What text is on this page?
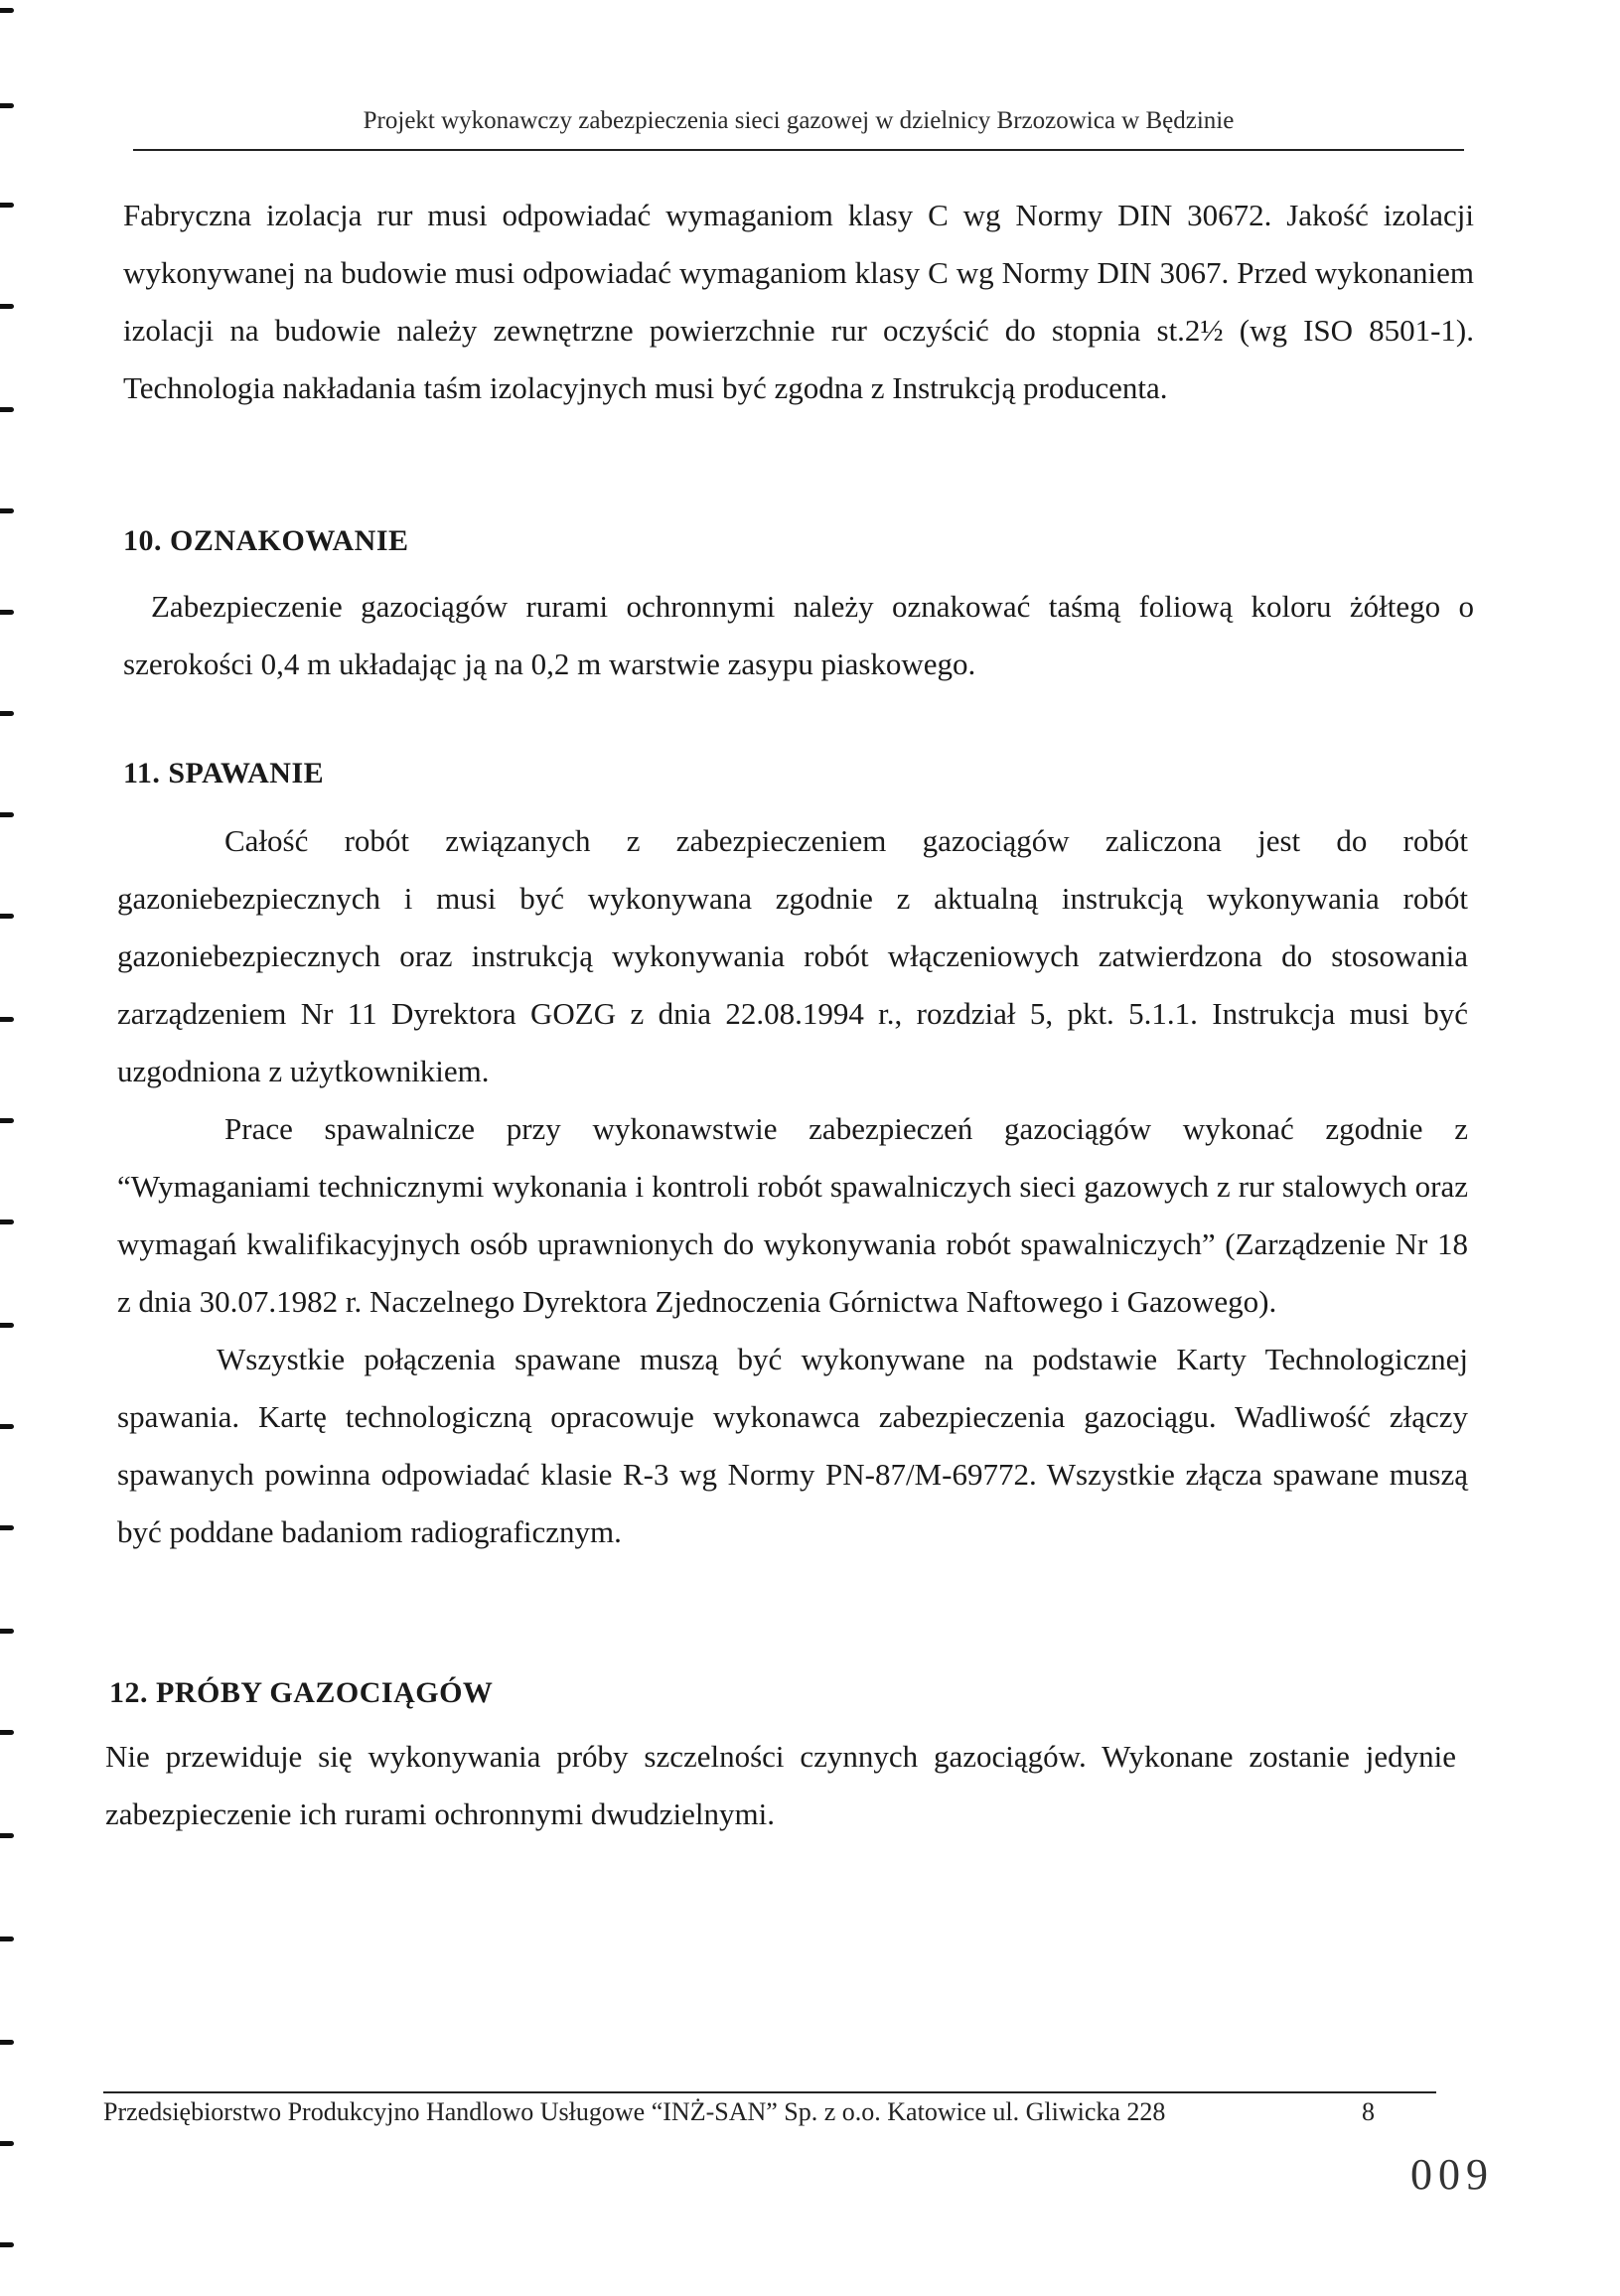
Projekt wykonawczy zabezpieczenia sieci gazowej w dzielnicy Brzozowica w Będzinie

Fabryczna izolacja rur musi odpowiadać wymaganiom klasy C wg Normy DIN 30672. Jakość izolacji wykonywanej na budowie musi odpowiadać wymaganiom klasy C wg Normy DIN 3067. Przed wykonaniem izolacji na budowie należy zewnętrzne powierzchnie rur oczyścić do stopnia st.2½ (wg ISO 8501-1). Technologia nakładania taśm izolacyjnych musi być zgodna z Instrukcją producenta.

10. OZNAKOWANIE

Zabezpieczenie gazociągów rurami ochronnymi należy oznakować taśmą foliową koloru żółtego o szerokości 0,4 m układając ją na 0,2 m warstwie zasypu piaskowego.

11. SPAWANIE

Całość robót związanych z zabezpieczeniem gazociągów zaliczona jest do robót gazoniebezpiecznych i musi być wykonywana zgodnie z aktualną instrukcją wykonywania robót gazoniebezpiecznych oraz instrukcją wykonywania robót włączeniowych zatwierdzona do stosowania zarządzeniem Nr 11 Dyrektora GOZG z dnia 22.08.1994 r., rozdział 5, pkt. 5.1.1. Instrukcja musi być uzgodniona z użytkownikiem.

Prace spawalnicze przy wykonawstwie zabezpieczeń gazociągów wykonać zgodnie z “Wymaganiami technicznymi wykonania i kontroli robót spawalniczych sieci gazowych z rur stalowych oraz wymagań kwalifikacyjnych osób uprawnionych do wykonywania robót spawalniczych” (Zarządzenie Nr 18 z dnia 30.07.1982 r. Naczelnego Dyrektora Zjednoczenia Górnictwa Naftowego i Gazowego).

Wszystkie połączenia spawane muszą być wykonywane na podstawie Karty Technologicznej spawania. Kartę technologiczną opracowuje wykonawca zabezpieczenia gazociągu. Wadliwość złączy spawanych powinna odpowiadać klasie R-3 wg Normy PN-87/M-69772. Wszystkie złącza spawane muszą być poddane badaniom radiograficznym.

12. PRÓBY GAZOCIĄGÓW

Nie przewiduje się wykonywania próby szczelności czynnych gazociągów. Wykonane zostanie jedynie zabezpieczenie ich rurami ochronnymi dwudzielnymi.

Przedsiębiorstwo Produkcyjno Handlowo Usługowe “INŻ-SAN” Sp. z o.o. Katowice ul. Gliwicka 228	8
009
